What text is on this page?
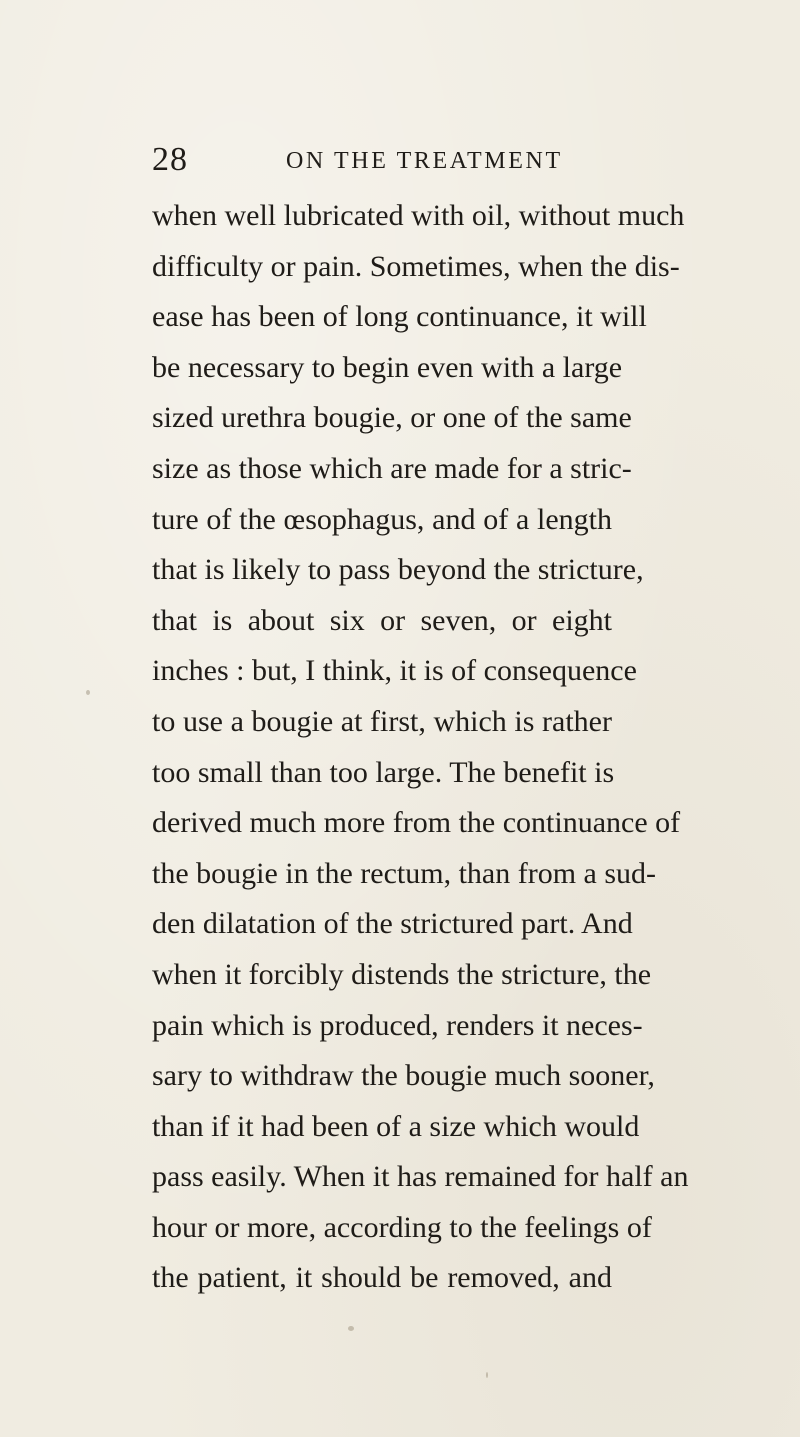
28	ON THE TREATMENT
when well lubricated with oil, without much
difficulty or pain. Sometimes, when the dis-
ease has been of long continuance, it will
be necessary to begin even with a large
sized urethra bougie, or one of the same
size as those which are made for a stric-
ture of the œsophagus, and of a length
that is likely to pass beyond the stricture,
that is about six or seven, or eight
inches : but, I think, it is of consequence
to use a bougie at first, which is rather
too small than too large. The benefit is
derived much more from the continuance of
the bougie in the rectum, than from a sud-
den dilatation of the strictured part. And
when it forcibly distends the stricture, the
pain which is produced, renders it neces-
sary to withdraw the bougie much sooner,
than if it had been of a size which would
pass easily. When it has remained for half an
hour or more, according to the feelings of
the patient, it should be removed, and
